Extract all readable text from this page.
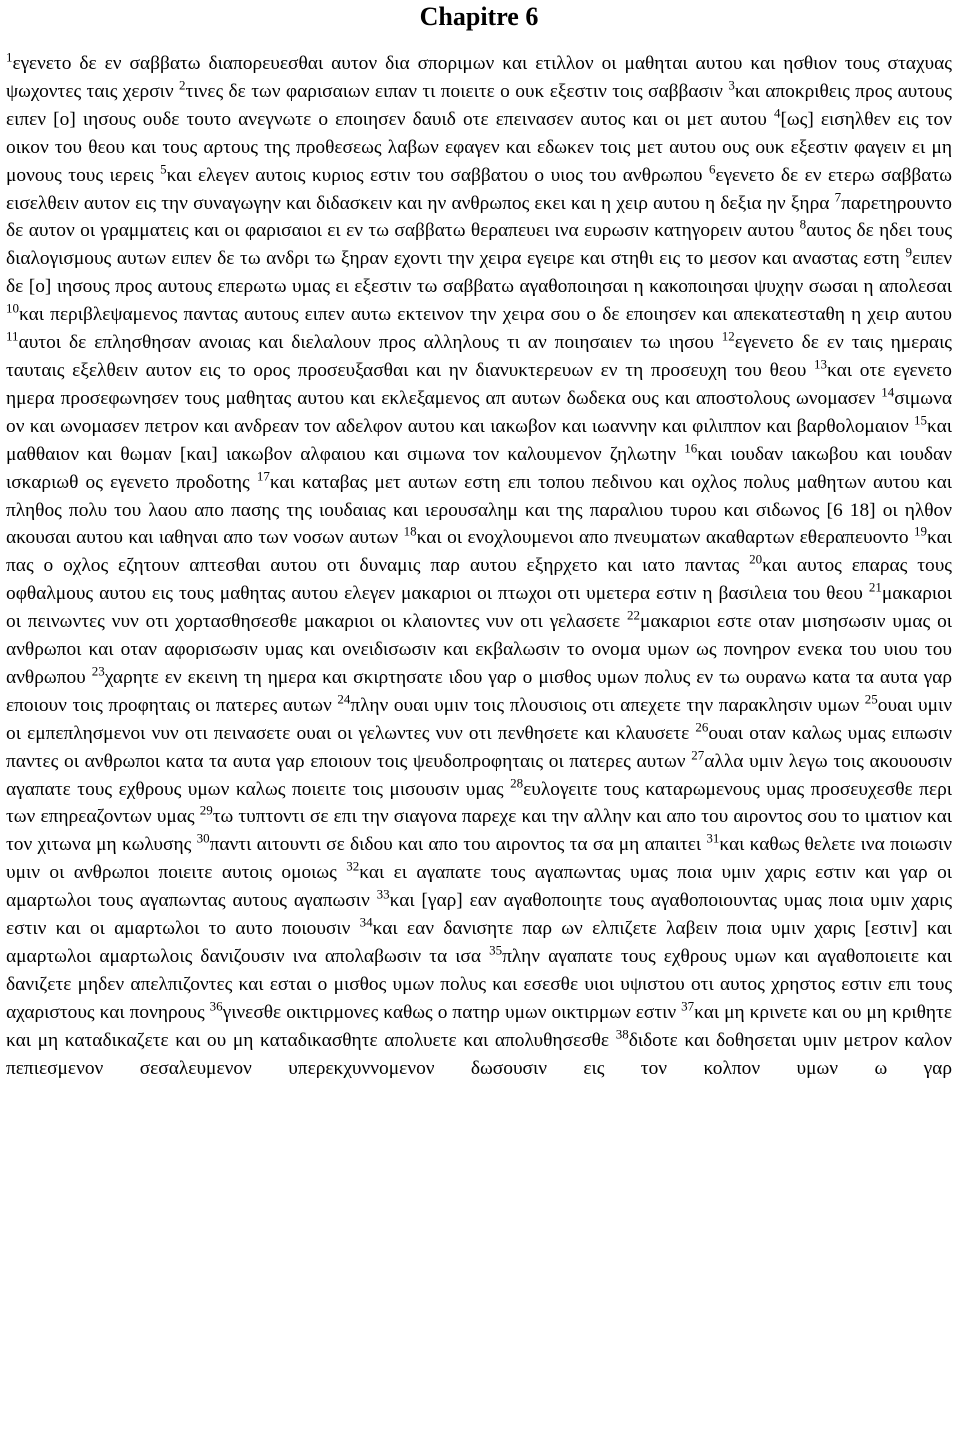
Chapitre 6

$^1$εγενετο δε εν σαββατω διαπορευεσθαι αυτον δια σποριμων και ετιλλον οι μαθηται αυτου και ησθιον τους σταχυας ψωχοντες ταις χερσιν $^2$τινες δε των φαρισαιων ειπαν τι ποιειτε ο ουκ εξεστιν τοις σαββασιν $^3$και αποκριθεις προς αυτους ειπεν [ο] ιησους ουδε τουτο ανεγνωτε ο εποιησεν δαυιδ οτε επεινασεν αυτος και οι μετ αυτου $^4$[ως] εισηλθεν εις τον οικον του θεου και τους αρτους της προθεσεως λαβων εφαγεν και εδωκεν τοις μετ αυτου ους ουκ εξεστιν φαγειν ει μη μονους τους ιερεις $^5$και ελεγεν αυτοις κυριος εστιν του σαββατου ο υιος του ανθρωπου $^6$εγενετο δε εν ετερω σαββατω εισελθειν αυτον εις την συναγωγην και διδασκειν και ην ανθρωπος εκει και η χειρ αυτου η δεξια ην ξηρα $^7$παρετηρουντο δε αυτον οι γραμματεις και οι φαρισαιοι ει εν τω σαββατω θεραπευει ινα ευρωσιν κατηγορειν αυτου $^8$αυτος δε ηδει τους διαλογισμους αυτων ειπεν δε τω ανδρι τω ξηραν εχοντι την χειρα εγειρε και στηθι εις το μεσον και αναστας εστη $^9$ειπεν δε [ο] ιησους προς αυτους επερωτω υμας ει εξεστιν τω σαββατω αγαθοποιησαι η κακοποιησαι ψυχην σωσαι η απολεσαι $^{10}$και περιβλεψαμενος παντας αυτους ειπεν αυτω εκτεινον την χειρα σου ο δε εποιησεν και απεκατεσταθη η χειρ αυτου $^{11}$αυτοι δε επλησθησαν ανοιας και διελαλουν προς αλληλους τι αν ποιησαιεν τω ιησου $^{12}$εγενετο δε εν ταις ημεραις ταυταις εξελθειν αυτον εις το ορος προσευξασθαι και ην διανυκτερευων εν τη προσευχη του θεου $^{13}$και οτε εγενετο ημερα προσεφωνησεν τους μαθητας αυτου και εκλεξαμενος απ αυτων δωδεκα ους και αποστολους ωνομασεν $^{14}$σιμωνα ον και ωνομασεν πετρον και ανδρεαν τον αδελφον αυτου και ιακωβον και ιωαννην και φιλιππον και βαρθολομαιον $^{15}$και μαθθαιον και θωμαν [και] ιακωβον αλφαιου και σιμωνα τον καλουμενον ζηλωτην $^{16}$και ιουδαν ιακωβου και ιουδαν ισκαριωθ ος εγενετο προδοτης $^{17}$και καταβας μετ αυτων εστη επι τοπου πεδινου και οχλος πολυς μαθητων αυτου και πληθος πολυ του λαου απο πασης της ιουδαιας και ιερουσαλημ και της παραλιου τυρου και σιδωνος [6 18] οι ηλθον ακουσαι αυτου και ιαθηναι απο των νοσων αυτων $^{18}$και οι ενοχλουμενοι απο πνευματων ακαθαρτων εθεραπευοντο $^{19}$και πας ο οχλος εζητουν απτεσθαι αυτου οτι δυναμις παρ αυτου εξηρχετο και ιατο παντας $^{20}$και αυτος επαρας τους οφθαλμους αυτου εις τους μαθητας αυτου ελεγεν μακαριοι οι πτωχοι οτι υμετερα εστιν η βασιλεια του θεου $^{21}$μακαριοι οι πεινωντες νυν οτι χορτασθησεσθε μακαριοι οι κλαιοντες νυν οτι γελασετε $^{22}$μακαριοι εστε οταν μισησωσιν υμας οι ανθρωποι και οταν αφορισωσιν υμας και ονειδισωσιν και εκβαλωσιν το ονομα υμων ως πονηρον ενεκα του υιου του ανθρωπου $^{23}$χαρητε εν εκεινη τη ημερα και σκιρτησατε ιδου γαρ ο μισθος υμων πολυς εν τω ουρανω κατα τα αυτα γαρ εποιουν τοις προφηταις οι πατερες αυτων $^{24}$πλην ουαι υμιν τοις πλουσιοις οτι απεχετε την παρακλησιν υμων $^{25}$ουαι υμιν οι εμπεπλησμενοι νυν οτι πεινασετε ουαι οι γελωντες νυν οτι πενθησετε και κλαυσετε $^{26}$ουαι οταν καλως υμας ειπωσιν παντες οι ανθρωποι κατα τα αυτα γαρ εποιουν τοις ψευδοπροφηταις οι πατερες αυτων $^{27}$αλλα υμιν λεγω τοις ακουουσιν αγαπατε τους εχθρους υμων καλως ποιειτε τοις μισουσιν υμας $^{28}$ευλογειτε τους καταρωμενους υμας προσευχεσθε περι των επηρεαζοντων υμας $^{29}$τω τυπτοντι σε επι την σιαγονα παρεχε και την αλλην και απο του αιροντος σου το ιματιον και τον χιτωνα μη κωλυσης $^{30}$παντι αιτουντι σε διδου και απο του αιροντος τα σα μη απαιτει $^{31}$και καθως θελετε ινα ποιωσιν υμιν οι ανθρωποι ποιειτε αυτοις ομοιως $^{32}$και ει αγαπατε τους αγαπωντας υμας ποια υμιν χαρις εστιν και γαρ οι αμαρτωλοι τους αγαπωντας αυτους αγαπωσιν $^{33}$και [γαρ] εαν αγαθοποιητε τους αγαθοποιουντας υμας ποια υμιν χαρις εστιν και οι αμαρτωλοι το αυτο ποιουσιν $^{34}$και εαν δανισητε παρ ων ελπιζετε λαβειν ποια υμιν χαρις [εστιν] και αμαρτωλοι αμαρτωλοις δανιζουσιν ινα απολαβωσιν τα ισα $^{35}$πλην αγαπατε τους εχθρους υμων και αγαθοποιειτε και δανιζετε μηδεν απελπιζοντες και εσται ο μισθος υμων πολυς και εσεσθε υιοι υψιστου οτι αυτος χρηστος εστιν επι τους αχαριστους και πονηρους $^{36}$γινεσθε οικτιρμονες καθως ο πατηρ υμων οικτιρμων εστιν $^{37}$και μη κρινετε και ου μη κριθητε και μη καταδικαζετε και ου μη καταδικασθητε απολυετε και απολυθησεσθε $^{38}$διδοτε και δοθησεται υμιν μετρον καλον πεπιεσμενον σεσαλευμενον υπερεκχυννομενον δωσουσιν εις τον κολπον υμων ω γαρ
